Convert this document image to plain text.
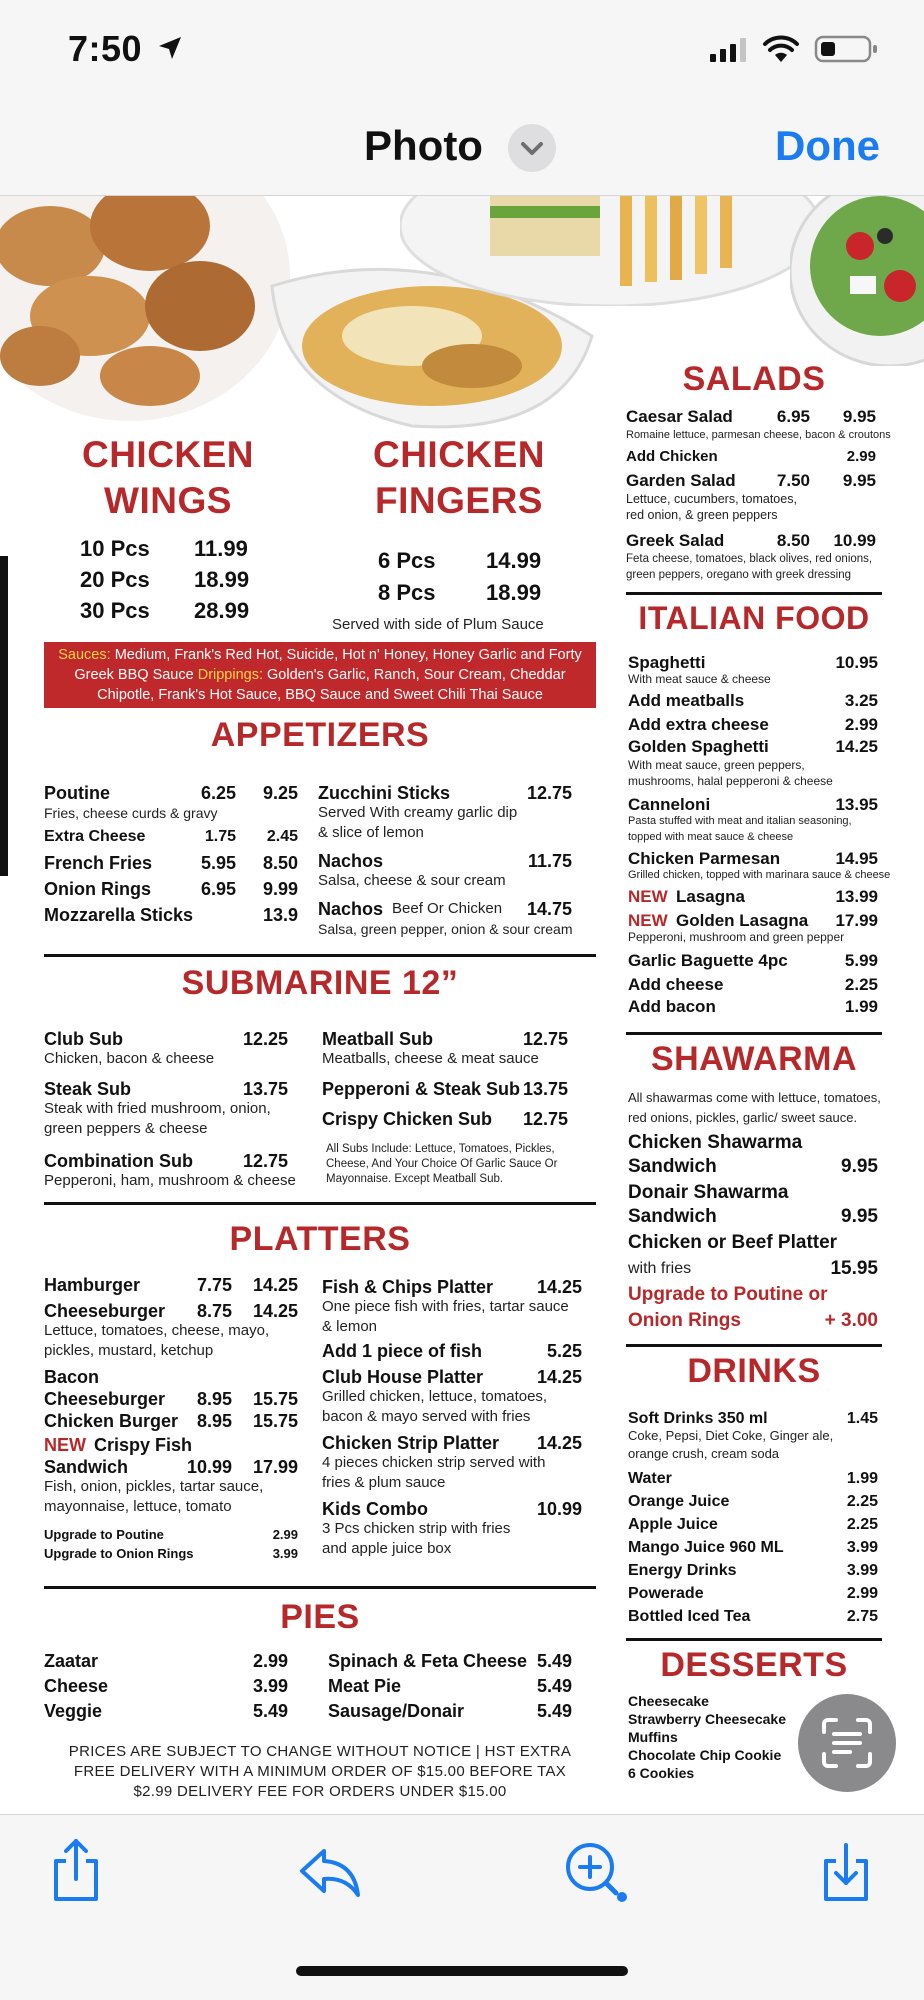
7:50
Photo	Done
CHICKEN
WINGS
10 Pcs 11.99
20 Pcs 18.99
30 Pcs 28.99
CHICKEN
FINGERS
6 Pcs 14.99
8 Pcs 18.99
Served with side of Plum Sauce
Sauces: Medium, Frank's Red Hot, Suicide, Hot n' Honey, Honey Garlic and Forty Greek BBQ Sauce Drippings: Golden's Garlic, Ranch, Sour Cream, Cheddar Chipotle, Frank's Hot Sauce, BBQ Sauce and Sweet Chili Thai Sauce
APPETIZERS
Poutine	6.25	9.25
Fries, cheese curds & gravy
Extra Cheese	1.75	2.45
French Fries	5.95	8.50
Onion Rings	6.95	9.99
Mozzarella Sticks	13.9
Zucchini Sticks	12.75
Served With creamy garlic dip
& slice of lemon
Nachos	11.75
Salsa, cheese & sour cream
Nachos Beef Or Chicken	14.75
Salsa, green pepper, onion & sour cream
SUBMARINE 12”
Club Sub	12.25
Chicken, bacon & cheese
Steak Sub	13.75
Steak with fried mushroom, onion,
green peppers & cheese
Combination Sub	12.75
Pepperoni, ham, mushroom & cheese
Meatball Sub	12.75
Meatballs, cheese & meat sauce
Pepperoni & Steak Sub 13.75
Crispy Chicken Sub	12.75
All Subs Include: Lettuce, Tomatoes, Pickles, Cheese, And Your Choice Of Garlic Sauce Or Mayonnaise. Except Meatball Sub.
PLATTERS
Hamburger	7.75	14.25
Cheeseburger	8.75	14.25
Lettuce, tomatoes, cheese, mayo,
pickles, mustard, ketchup
Bacon
Cheeseburger	8.95	15.75
Chicken Burger	8.95	15.75
NEW Crispy Fish
Sandwich	10.99	17.99
Fish, onion, pickles, tartar sauce,
mayonnaise, lettuce, tomato
Upgrade to Poutine	2.99
Upgrade to Onion Rings	3.99
Fish & Chips Platter	14.25
One piece fish with fries, tartar sauce
& lemon
Add 1 piece of fish	5.25
Club House Platter	14.25
Grilled chicken, lettuce, tomatoes,
bacon & mayo served with fries
Chicken Strip Platter	14.25
4 pieces chicken strip served with
fries & plum sauce
Kids Combo	10.99
3 Pcs chicken strip with fries
and apple juice box
PIES
Zaatar	2.99
Cheese	3.99
Veggie	5.49
Spinach & Feta Cheese 5.49
Meat Pie	5.49
Sausage/Donair	5.49
PRICES ARE SUBJECT TO CHANGE WITHOUT NOTICE | HST EXTRA
FREE DELIVERY WITH A MINIMUM ORDER OF $15.00 BEFORE TAX
$2.99 DELIVERY FEE FOR ORDERS UNDER $15.00
SALADS
Caesar Salad	6.95	9.95
Romaine lettuce, parmesan cheese, bacon & croutons
Add Chicken	2.99
Garden Salad	7.50	9.95
Lettuce, cucumbers, tomatoes,
red onion, & green peppers
Greek Salad	8.50	10.99
Feta cheese, tomatoes, black olives, red onions,
green peppers, oregano with greek dressing
ITALIAN FOOD
Spaghetti	10.95
With meat sauce & cheese
Add meatballs	3.25
Add extra cheese	2.99
Golden Spaghetti	14.25
With meat sauce, green peppers,
mushrooms, halal pepperoni & cheese
Canneloni	13.95
Pasta stuffed with meat and italian seasoning,
topped with meat sauce & cheese
Chicken Parmesan	14.95
Grilled chicken, topped with marinara sauce & cheese
NEW Lasagna	13.99
NEW Golden Lasagna	17.99
Pepperoni, mushroom and green pepper
Garlic Baguette 4pc	5.99
Add cheese	2.25
Add bacon	1.99
SHAWARMA
All shawarmas come with lettuce, tomatoes,
red onions, pickles, garlic/ sweet sauce.
Chicken Shawarma
Sandwich	9.95
Donair Shawarma
Sandwich	9.95
Chicken or Beef Platter
with fries	15.95
Upgrade to Poutine or
Onion Rings	+ 3.00
DRINKS
Soft Drinks 350 ml	1.45
Coke, Pepsi, Diet Coke, Ginger ale,
orange crush, cream soda
Water	1.99
Orange Juice	2.25
Apple Juice	2.25
Mango Juice 960 ML	3.99
Energy Drinks	3.99
Powerade	2.99
Bottled Iced Tea	2.75
DESSERTS
Cheesecake
Strawberry Cheesecake
Muffins
Chocolate Chip Cookie
6 Cookies
